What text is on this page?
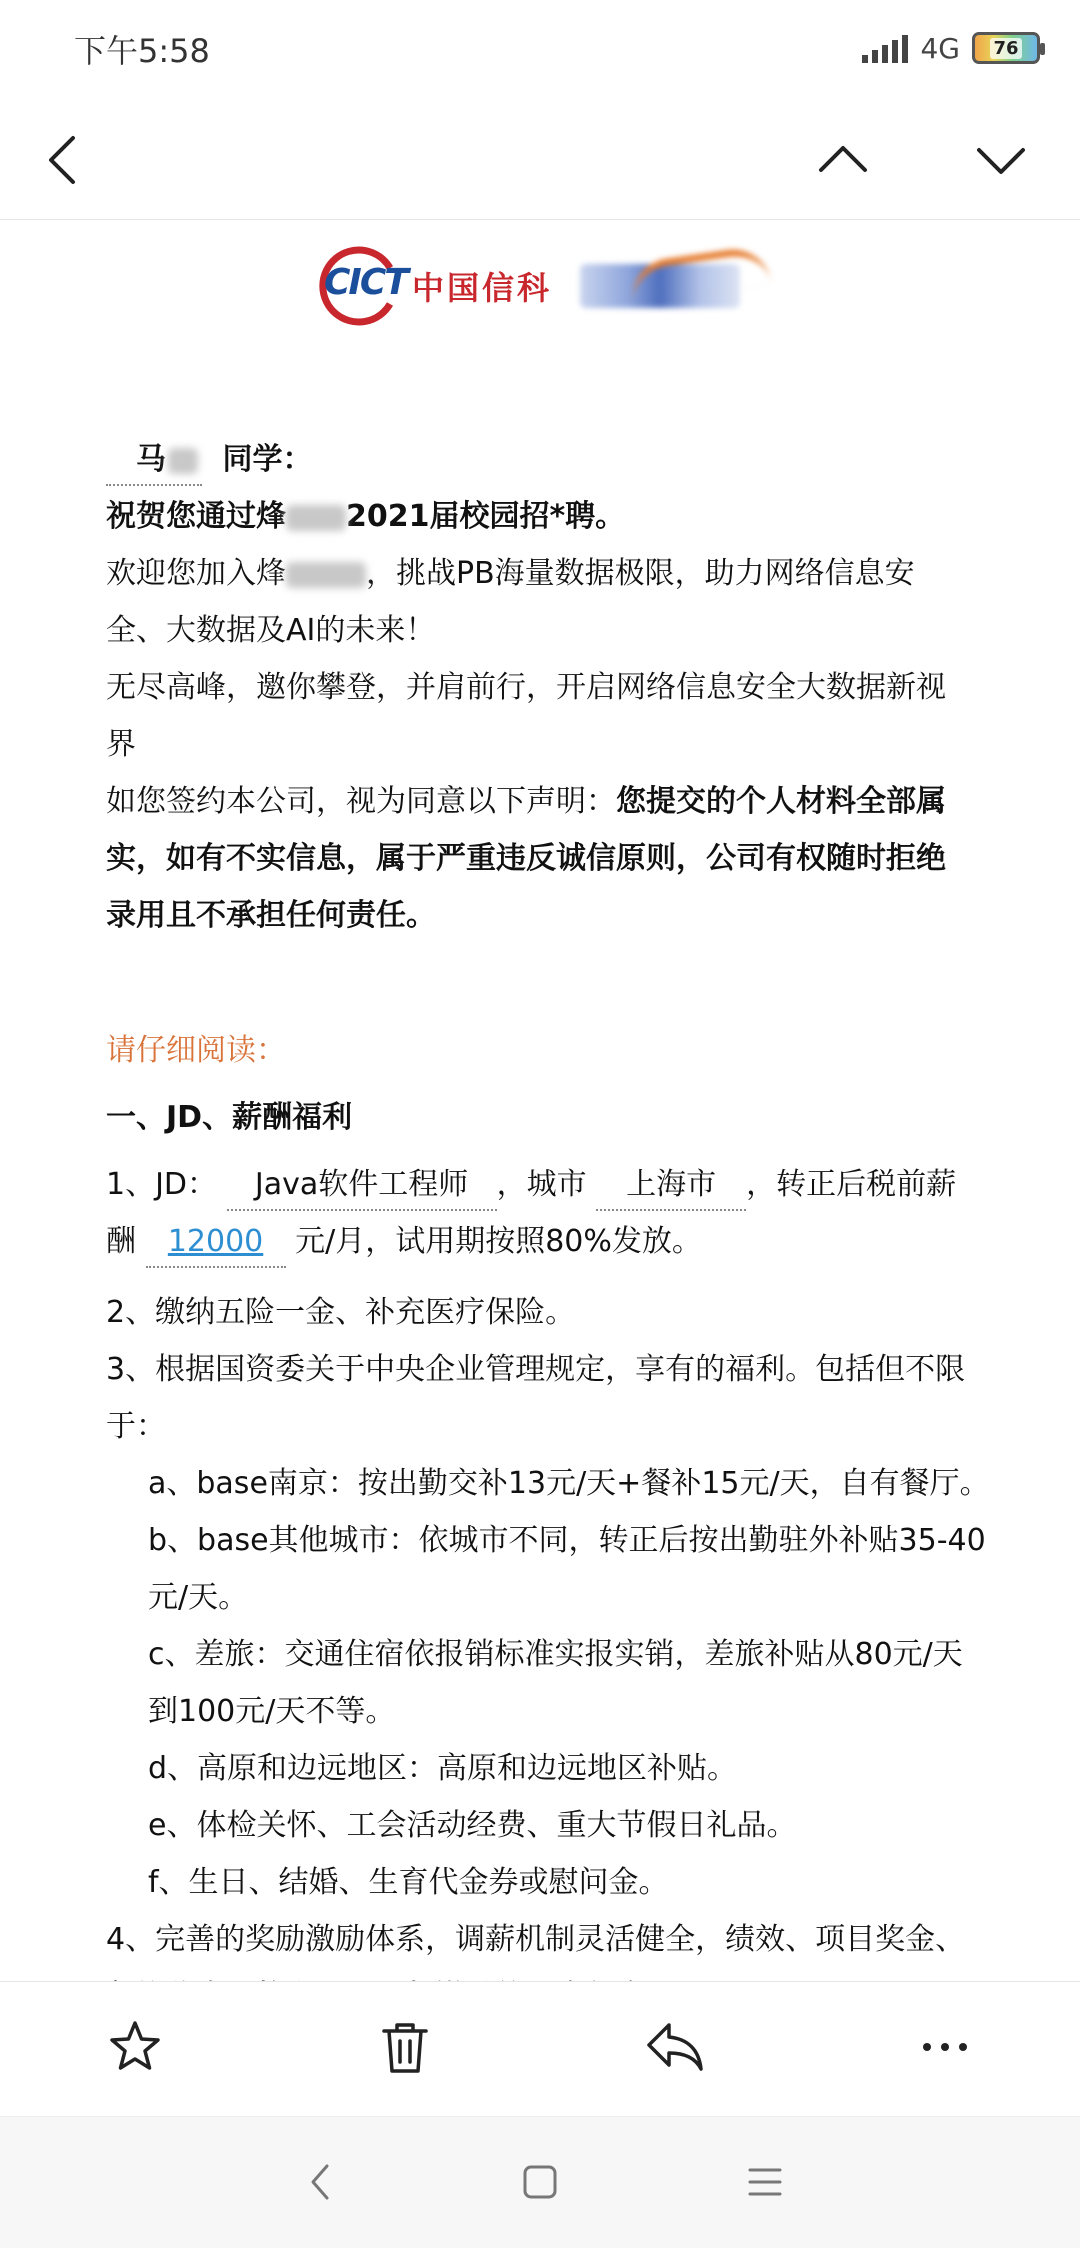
下午5:58	4G 76
CICT 中国信科
马 同学：
祝贺您通过烽 2021届校园招*聘。
欢迎您加入烽	，挑战PB海量数据极限，助力网络信息安
全、大数据及AI的未来！
无尽高峰，邀你攀登，并肩前行，开启网络信息安全大数据新视
界
如您签约本公司，视为同意以下声明：您提交的个人材料全部属
实，如有不实信息，属于严重违反诚信原则，公司有权随时拒绝
录用且不承担任何责任。
请仔细阅读：
一、JD、薪酬福利
1、JD： Java软件工程师 ，城市 上海市 ，转正后税前薪
酬 12000 元/月，试用期按照80%发放。
2、缴纳五险一金、补充医疗保险。
3、根据国资委关于中央企业管理规定，享有的福利。包括但不限
于：
a、base南京：按出勤交补13元/天+餐补15元/天，自有餐厅。
b、base其他城市：依城市不同，转正后按出勤驻外补贴35-40
元/天。
c、差旅：交通住宿依报销标准实报实销，差旅补贴从80元/天
到100元/天不等。
d、高原和边远地区：高原和边远地区补贴。
e、体检关怀、工会活动经费、重大节假日礼品。
f、生日、结婚、生育代金券或慰问金。
4、完善的奖励激励体系，调薪机制灵活健全，绩效、项目奖金、
